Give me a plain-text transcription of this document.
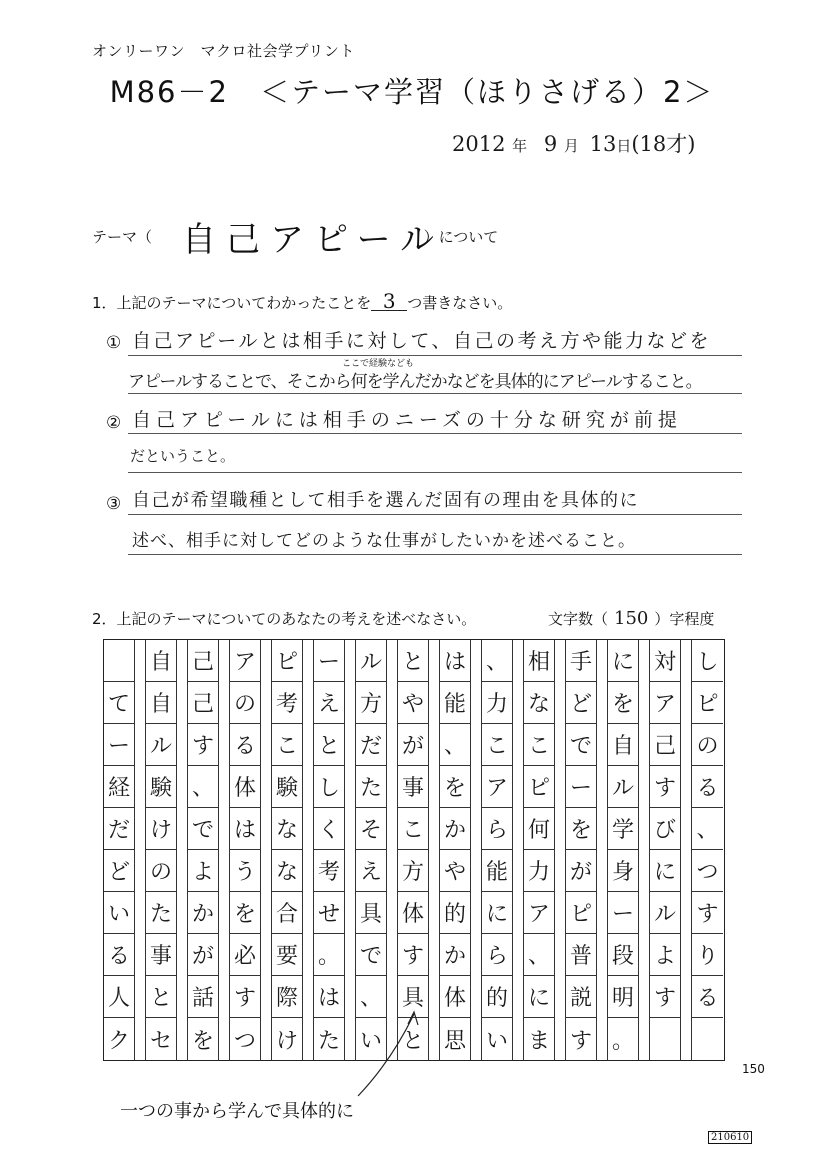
オンリーワン　マクロ社会学プリント
M86－2　＜テーマ学習（ほりさげる）2＞
2012 年 9 月 13日(18才)
テーマ（	）について
自己アピール
1．上記のテーマについてわかったことを 3 つ書きなさい。
① 自己アピールとは相手に対して、自己の考え方や能力などを
ここで経験なども
アピールすることで、そこから何を学んだかなどを具体的にアピールすること。
② 自己アピールには相手のニーズの十分な研究が前提
だということ。
③ 自己が希望職種として相手を選んだ固有の理由を具体的に
述べ、相手に対してどのような仕事がしたいかを述べること。
2．上記のテーマについてのあなたの考えを述べなさい。	文字数（ 150 ）字程度
自 己 ア ピ ー ル と は 、 相 手 に 対 し
て 自 己 の 考 え 方 や 能 力 な ど を ア ピ
ー ル す る こ と だ が 、 こ こ で 自 己 の
経 験 、 体 験 し た 事 を ア ピ ー ル す る
だ け で は な く そ こ か ら 何 を 学 び 、
ど の よ う な 考 え 方 や 能 力 が 身 に つ
い た か を 合 せ 具 体 的 に ア ピ ー ル す
る 事 が 必 要 。 で す か ら 、 普 段 よ り
人 と 話 す 際 は 、 具 体 的 に 説 明 す る
ク セ を つ け た い と 思 い ま す 。
150
一つの事から学んで具体的に
210610
